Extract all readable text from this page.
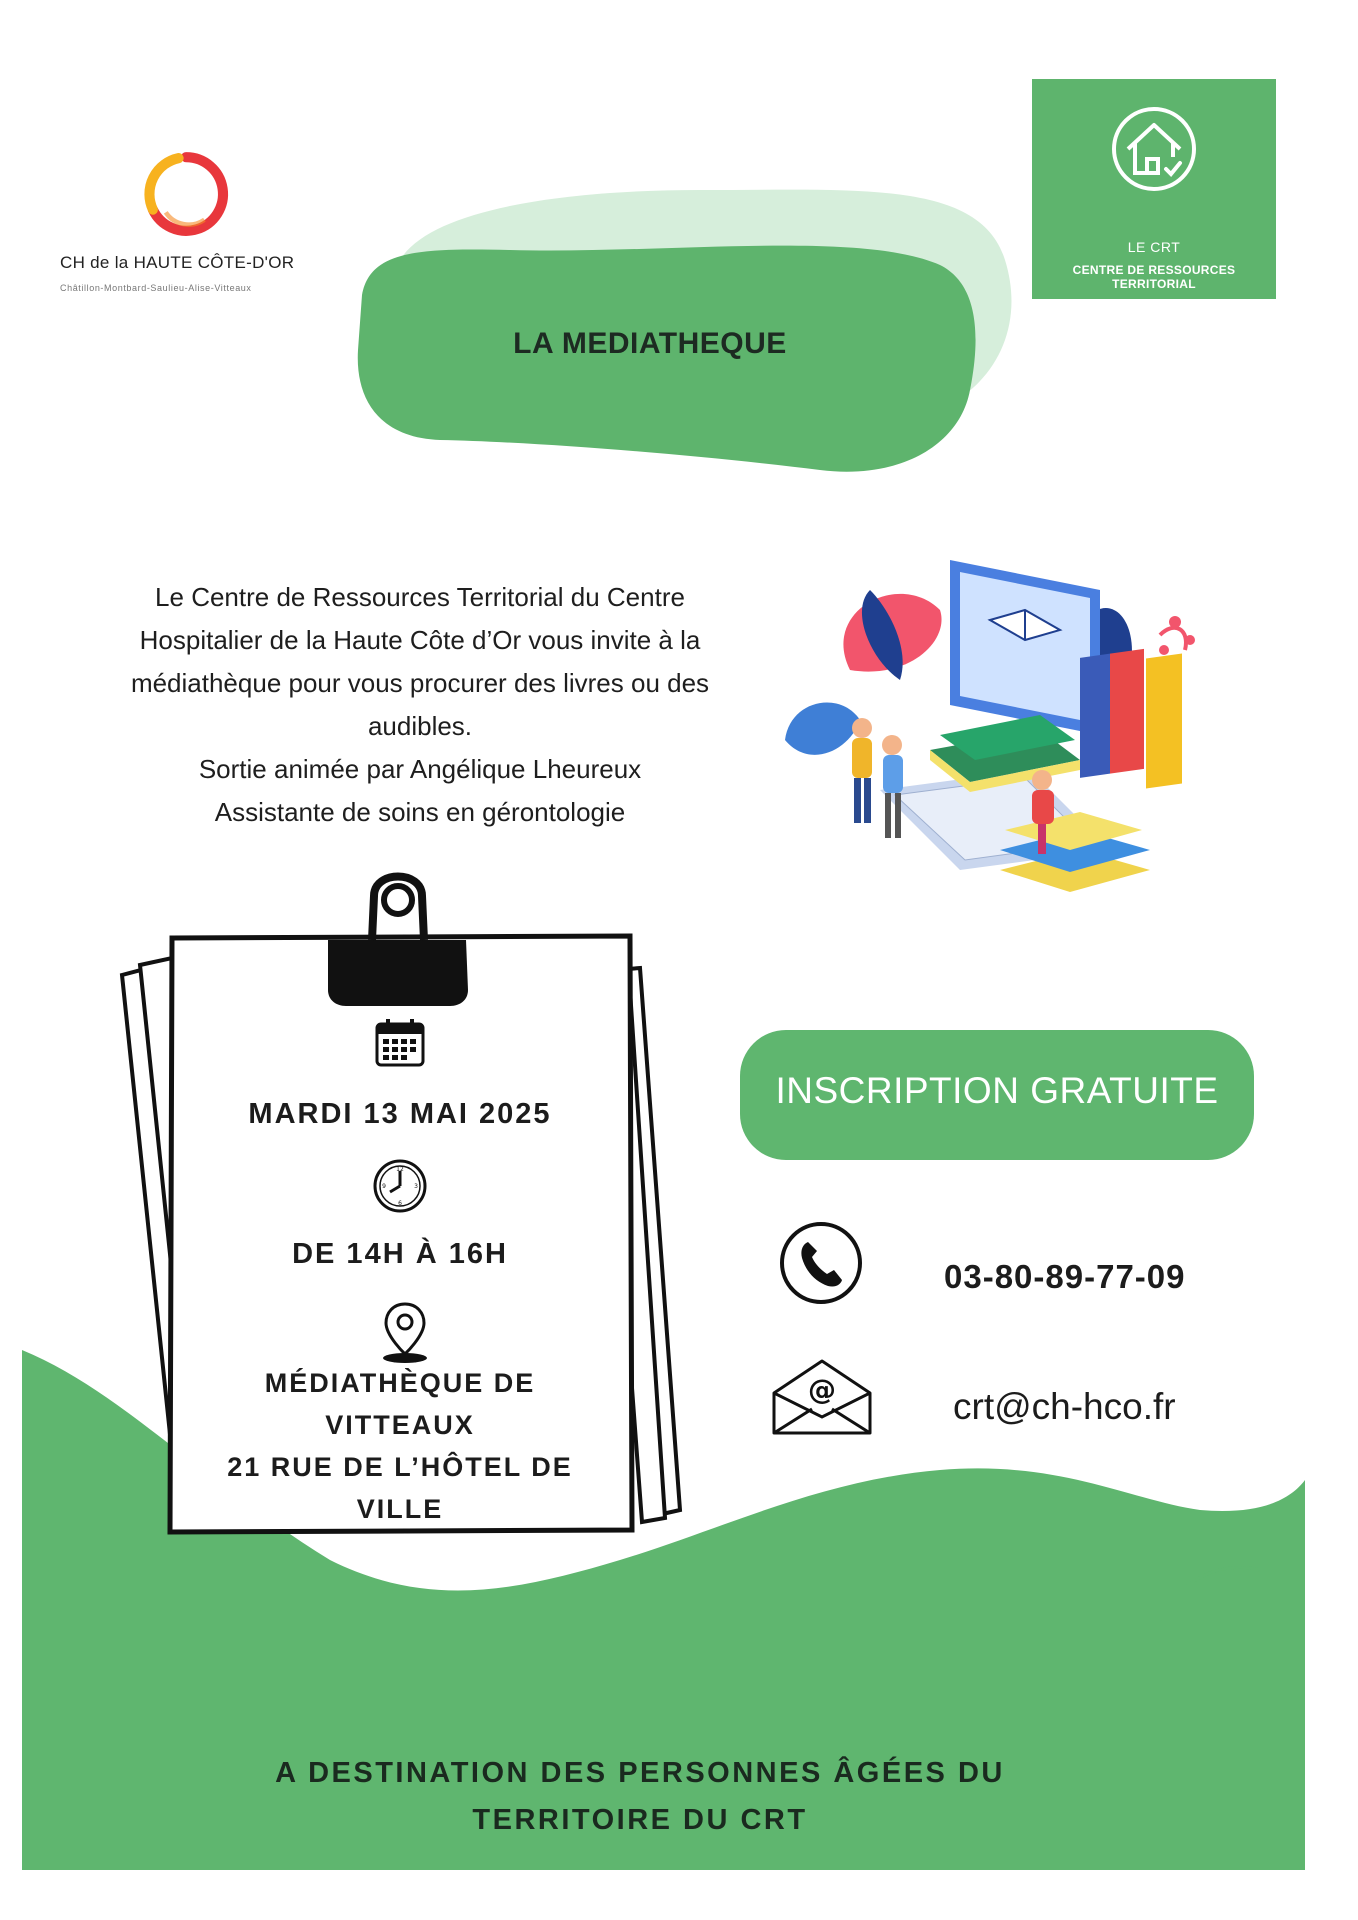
CH de la HAUTE CÔTE-D'OR
Châtillon-Montbard-Saulieu-Alise-Vitteaux
LA MEDIATHEQUE
LE CRT
CENTRE DE RESSOURCES TERRITORIAL
Le Centre de Ressources Territorial du Centre
Hospitalier de la Haute Côte d’Or vous invite à la
médiathèque pour vous procurer des livres ou des
audibles.
Sortie animée par Angélique Lheureux
Assistante de soins en gérontologie
MARDI 13 MAI 2025
12
3
6
9
DE 14H À 16H
MÉDIATHÈQUE DE
VITTEAUX
21 RUE DE L’HÔTEL DE
VILLE
INSCRIPTION GRATUITE
03-80-89-77-09
@	crt@ch-hco.fr
A DESTINATION DES PERSONNES ÂGÉES DU
TERRITOIRE DU CRT
